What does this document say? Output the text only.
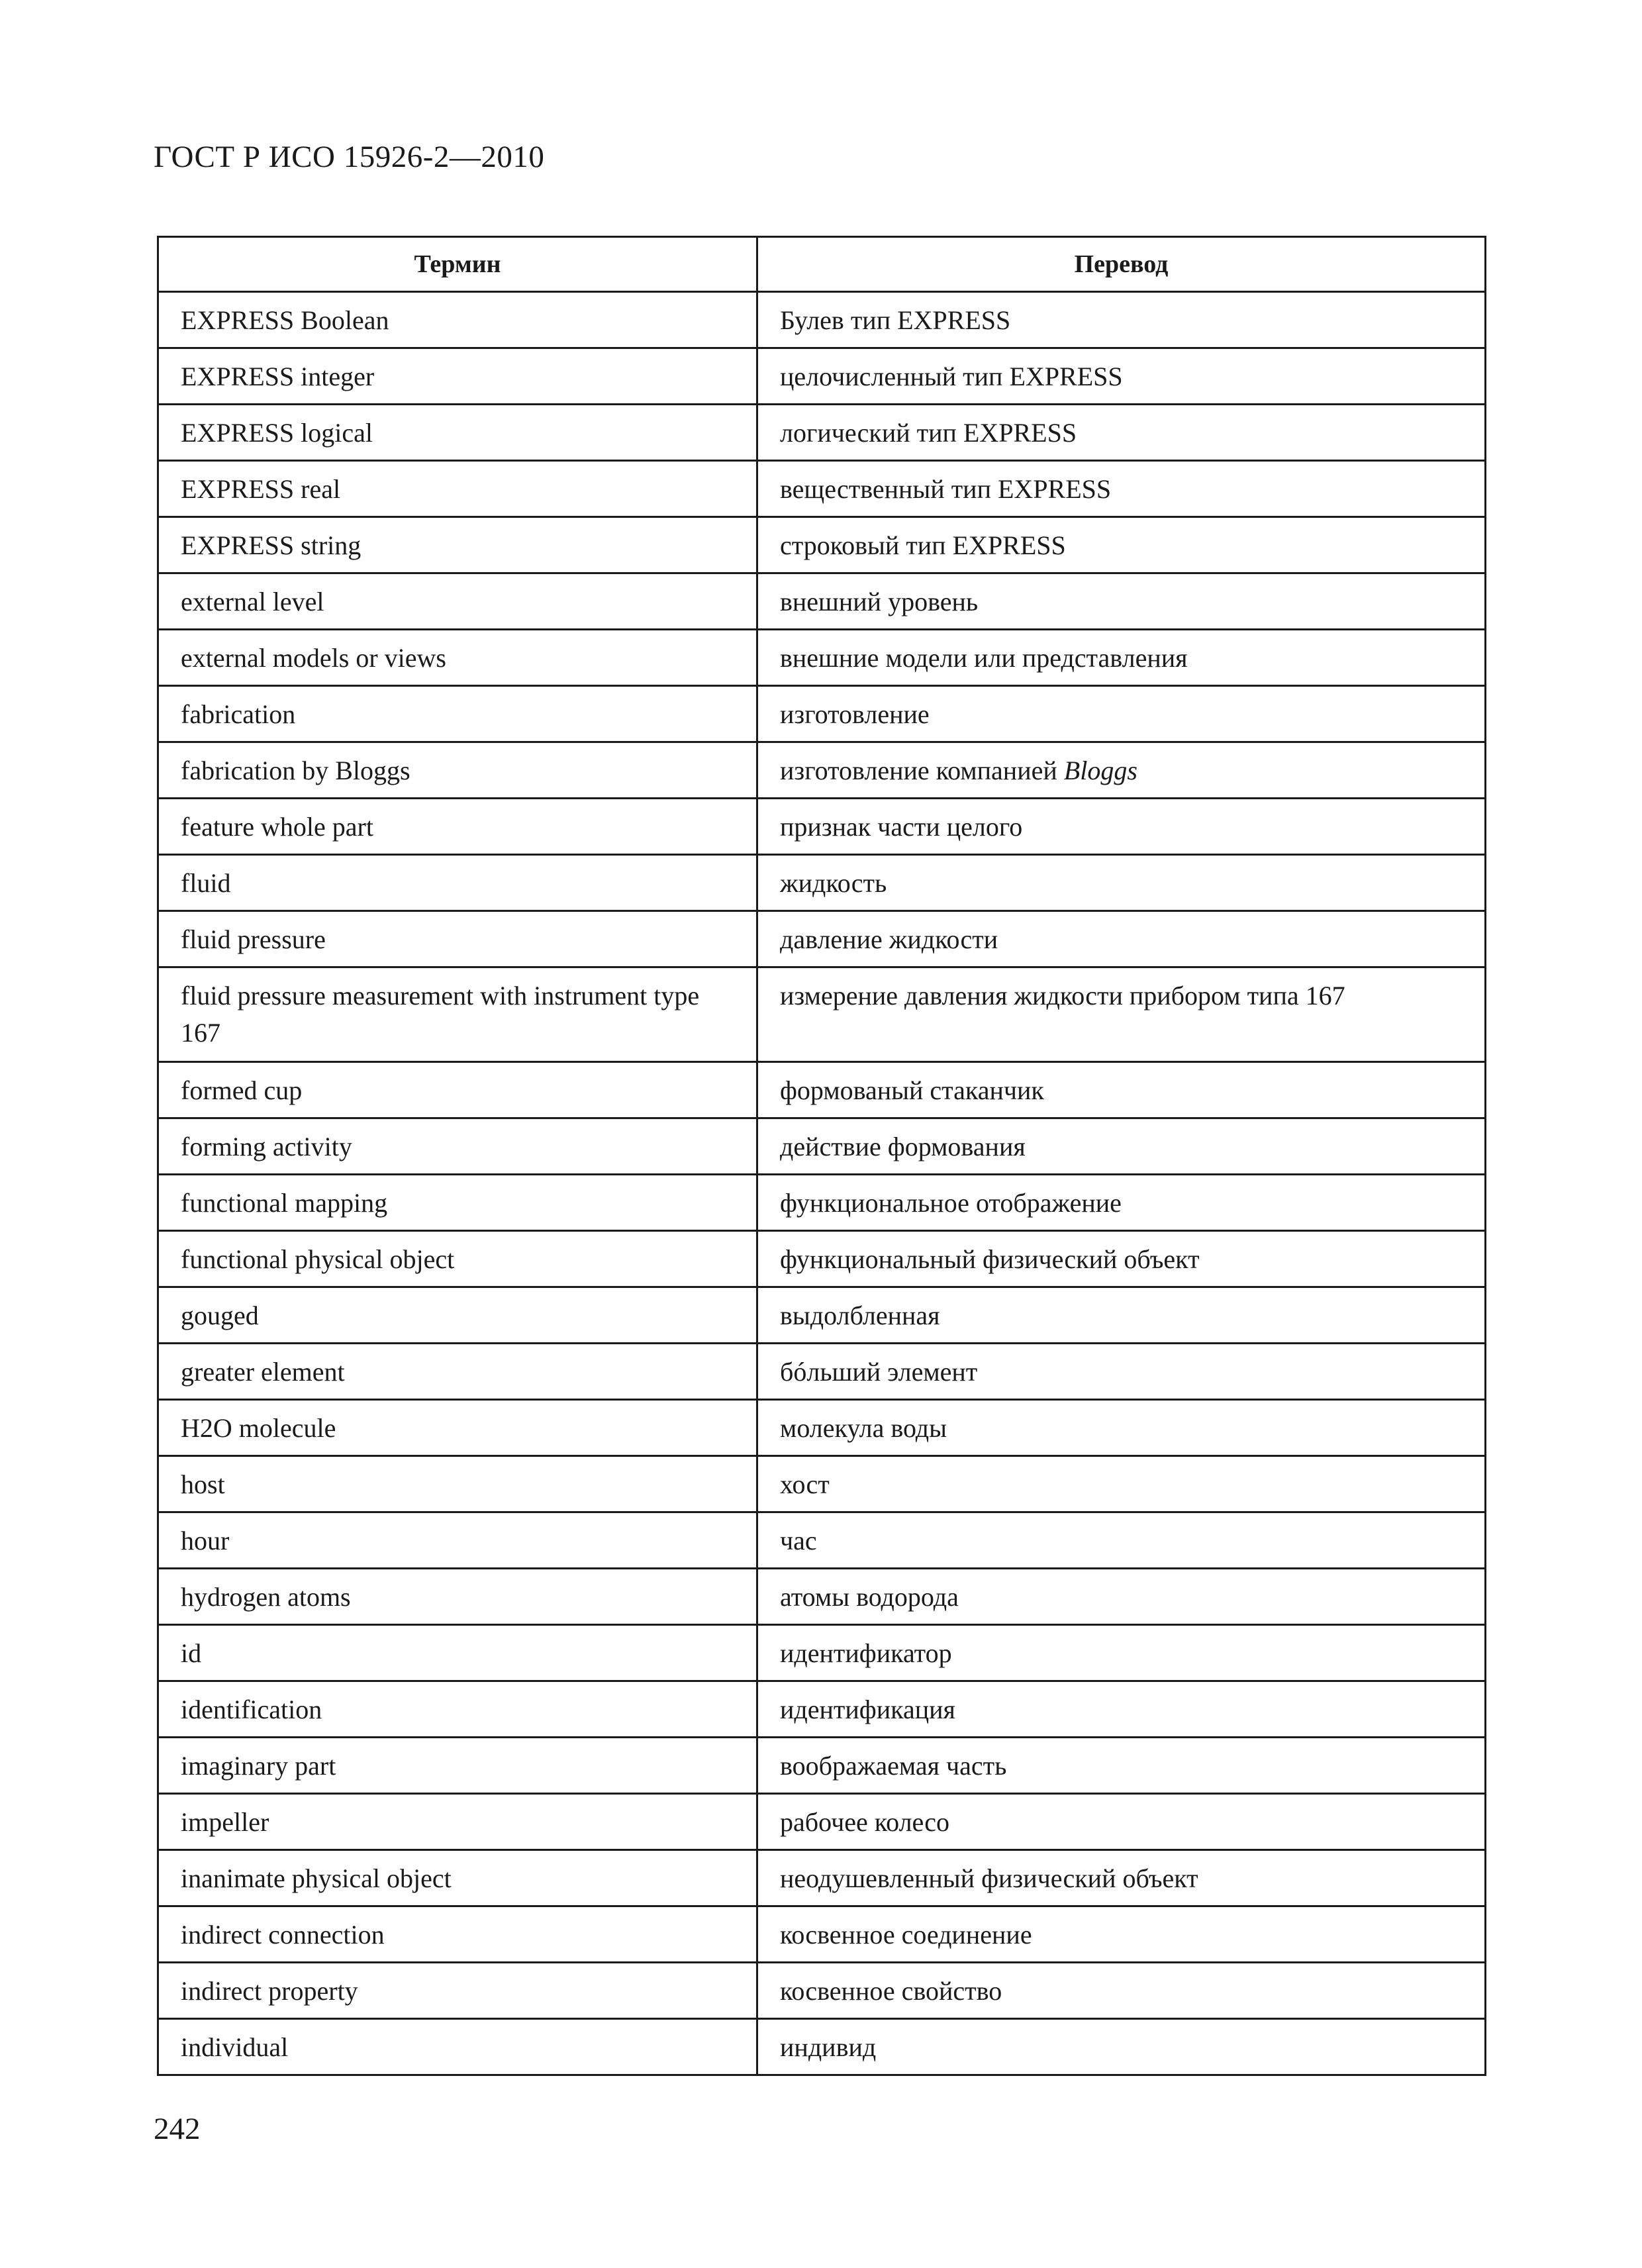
ГОСТ Р ИСО 15926-2—2010
Термин	Перевод
EXPRESS Boolean	Булев тип EXPRESS
EXPRESS integer	целочисленный тип EXPRESS
EXPRESS logical	логический тип EXPRESS
EXPRESS real	вещественный тип EXPRESS
EXPRESS string	строковый тип EXPRESS
external level	внешний уровень
external models or views	внешние модели или представления
fabrication	изготовление
fabrication by Bloggs	изготовление компанией Bloggs
feature whole part	признак части целого
fluid	жидкость
fluid pressure	давление жидкости
fluid pressure measurement with instrument type 167	измерение давления жидкости прибором типа 167
formed cup	формованый стаканчик
forming activity	действие формования
functional mapping	функциональное отображение
functional physical object	функциональный физический объект
gouged	выдолбленная
greater element	бóльший элемент
H2O molecule	молекула воды
host	хост
hour	час
hydrogen atoms	атомы водорода
id	идентификатор
identification	идентификация
imaginary part	воображаемая часть
impeller	рабочее колесо
inanimate physical object	неодушевленный физический объект
indirect connection	косвенное соединение
indirect property	косвенное свойство
individual	индивид
242
